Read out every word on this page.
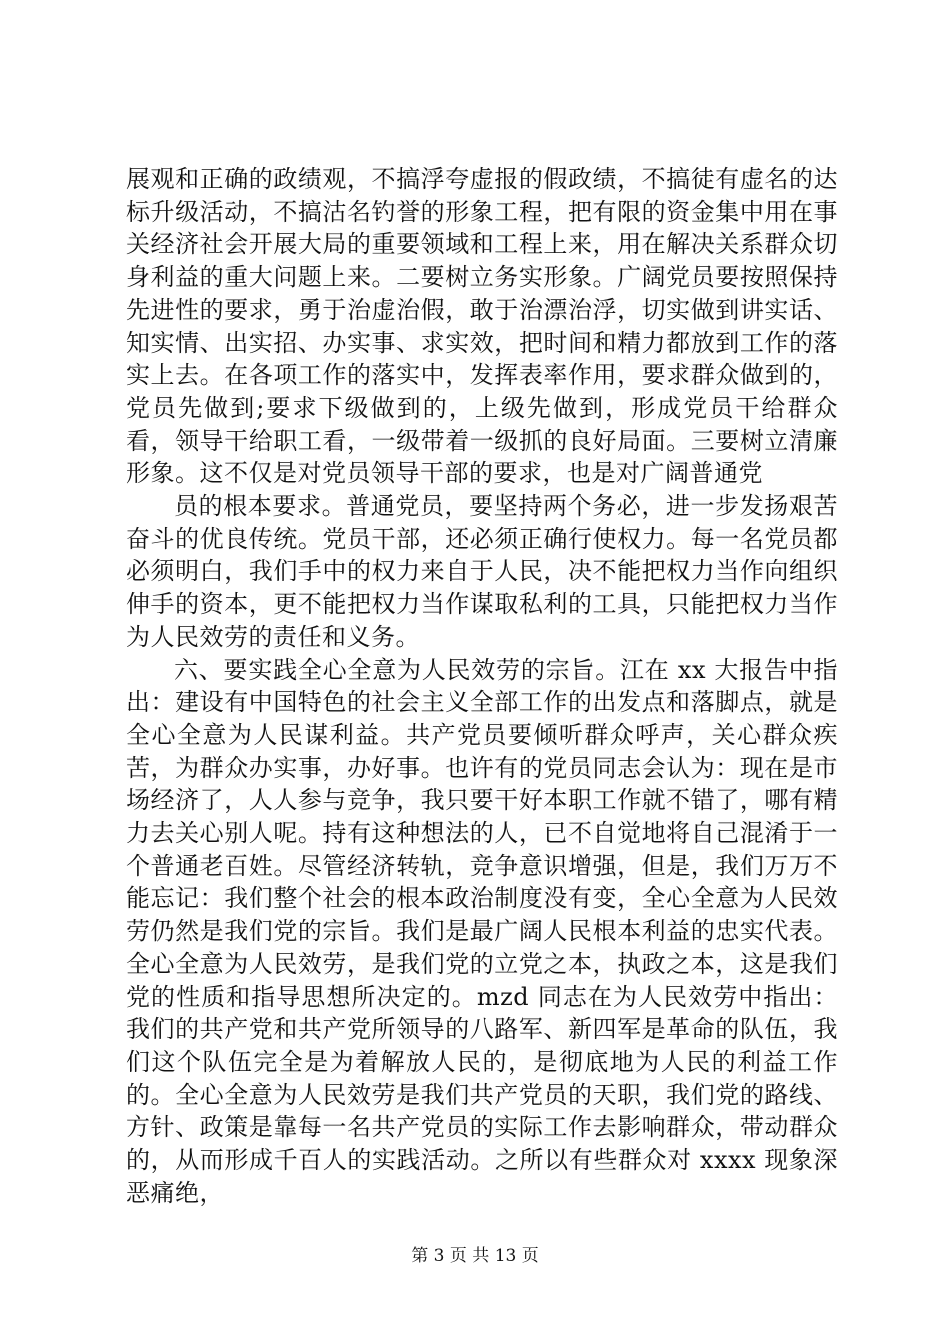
展观和正确的政绩观，不搞浮夸虚报的假政绩，不搞徒有虚名的达标升级活动，不搞沽名钓誉的形象工程，把有限的资金集中用在事关经济社会开展大局的重要领域和工程上来，用在解决关系群众切身利益的重大问题上来。二要树立务实形象。广阔党员要按照保持先进性的要求，勇于治虚治假，敢于治漂治浮，切实做到讲实话、知实情、出实招、办实事、求实效，把时间和精力都放到工作的落实上去。在各项工作的落实中，发挥表率作用，要求群众做到的，党员先做到;要求下级做到的，上级先做到，形成党员干给群众看，领导干给职工看，一级带着一级抓的良好局面。三要树立清廉形象。这不仅是对党员领导干部的要求，也是对广阔普通党

员的根本要求。普通党员，要坚持两个务必，进一步发扬艰苦奋斗的优良传统。党员干部，还必须正确行使权力。每一名党员都必须明白，我们手中的权力来自于人民，决不能把权力当作向组织伸手的资本，更不能把权力当作谋取私利的工具，只能把权力当作为人民效劳的责任和义务。

六、要实践全心全意为人民效劳的宗旨。江在 xx 大报告中指出：建设有中国特色的社会主义全部工作的出发点和落脚点，就是全心全意为人民谋利益。共产党员要倾听群众呼声，关心群众疾苦，为群众办实事，办好事。也许有的党员同志会认为：现在是市场经济了，人人参与竞争，我只要干好本职工作就不错了，哪有精力去关心别人呢。持有这种想法的人，已不自觉地将自己混淆于一个普通老百姓。尽管经济转轨，竞争意识增强，但是，我们万万不能忘记：我们整个社会的根本政治制度没有变，全心全意为人民效劳仍然是我们党的宗旨。我们是最广阔人民根本利益的忠实代表。全心全意为人民效劳，是我们党的立党之本，执政之本，这是我们党的性质和指导思想所决定的。mzd 同志在为人民效劳中指出：我们的共产党和共产党所领导的八路军、新四军是革命的队伍，我们这个队伍完全是为着解放人民的，是彻底地为人民的利益工作的。全心全意为人民效劳是我们共产党员的天职，我们党的路线、方针、政策是靠每一名共产党员的实际工作去影响群众，带动群众的，从而形成千百人的实践活动。之所以有些群众对 xxxx 现象深恶痛绝，

第 3 页 共 13 页
